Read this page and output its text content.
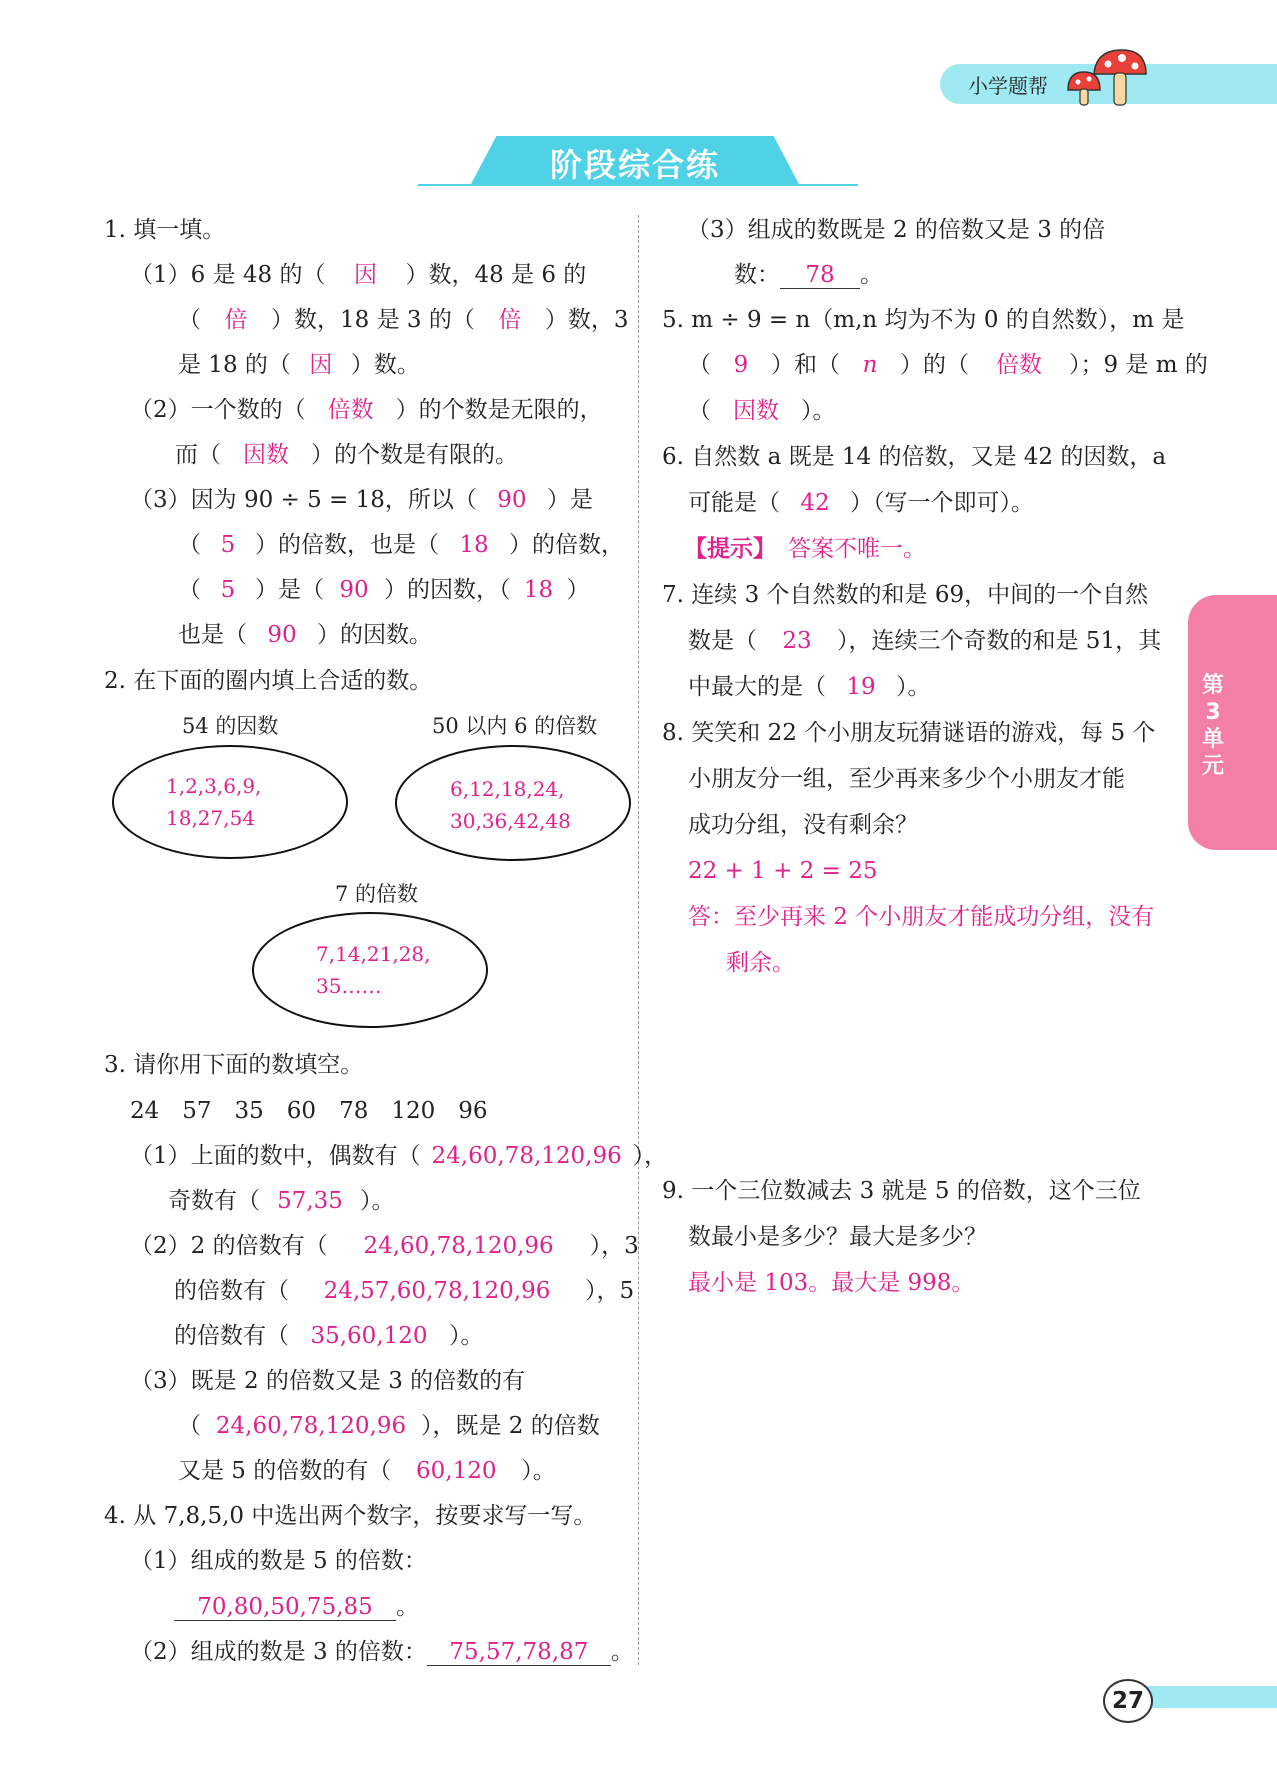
小学题帮
阶段综合练
第
3
单
元
27
1. 填一填。
（1）6 是 48 的（ 因 ）数，48 是 6 的
（ 倍 ）数，18 是 3 的（ 倍 ）数，3
是 18 的（ 因 ）数。
（2）一个数的（ 倍数 ）的个数是无限的，
而（ 因数 ）的个数是有限的。
（3）因为 90 ÷ 5 = 18，所以（ 90 ）是
（ 5 ）的倍数，也是（ 18 ）的倍数，
（ 5 ）是（ 90 ）的因数，（ 18 ）
也是（ 90 ）的因数。
2. 在下面的圈内填上合适的数。
54 的因数
1,2,3,6,9,
18,27,54
50 以内 6 的倍数
6,12,18,24,
30,36,42,48
7 的倍数
7,14,21,28,
35……
3. 请你用下面的数填空。
24　57　35　60　78　120　96
（1）上面的数中，偶数有（ 24,60,78,120,96 ），
奇数有（ 57,35 ）。
（2）2 的倍数有（ 24,60,78,120,96 ），3
的倍数有（ 24,57,60,78,120,96 ），5
的倍数有（ 35,60,120 ）。
（3）既是 2 的倍数又是 3 的倍数的有
（ 24,60,78,120,96 ），既是 2 的倍数
又是 5 的倍数的有（ 60,120 ）。
4. 从 7,8,5,0 中选出两个数字，按要求写一写。
（1）组成的数是 5 的倍数：
70,80,50,75,85 。
（2）组成的数是 3 的倍数： 75,57,78,87 。
（3）组成的数既是 2 的倍数又是 3 的倍
数： 78 。
5. m ÷ 9 = n（m,n 均为不为 0 的自然数），m 是
（ 9 ）和（ n ）的（ 倍数 ）；9 是 m 的
（ 因数 ）。
6. 自然数 a 既是 14 的倍数，又是 42 的因数，a
可能是（ 42 ）（写一个即可）。
【提示】 答案不唯一。
7. 连续 3 个自然数的和是 69，中间的一个自然
数是（ 23 ），连续三个奇数的和是 51，其
中最大的是（ 19 ）。
8. 笑笑和 22 个小朋友玩猜谜语的游戏，每 5 个
小朋友分一组，至少再来多少个小朋友才能
成功分组，没有剩余？
22 + 1 + 2 = 25
答：至少再来 2 个小朋友才能成功分组，没有
剩余。
9. 一个三位数减去 3 就是 5 的倍数，这个三位
数最小是多少？最大是多少？
最小是 103。最大是 998。
